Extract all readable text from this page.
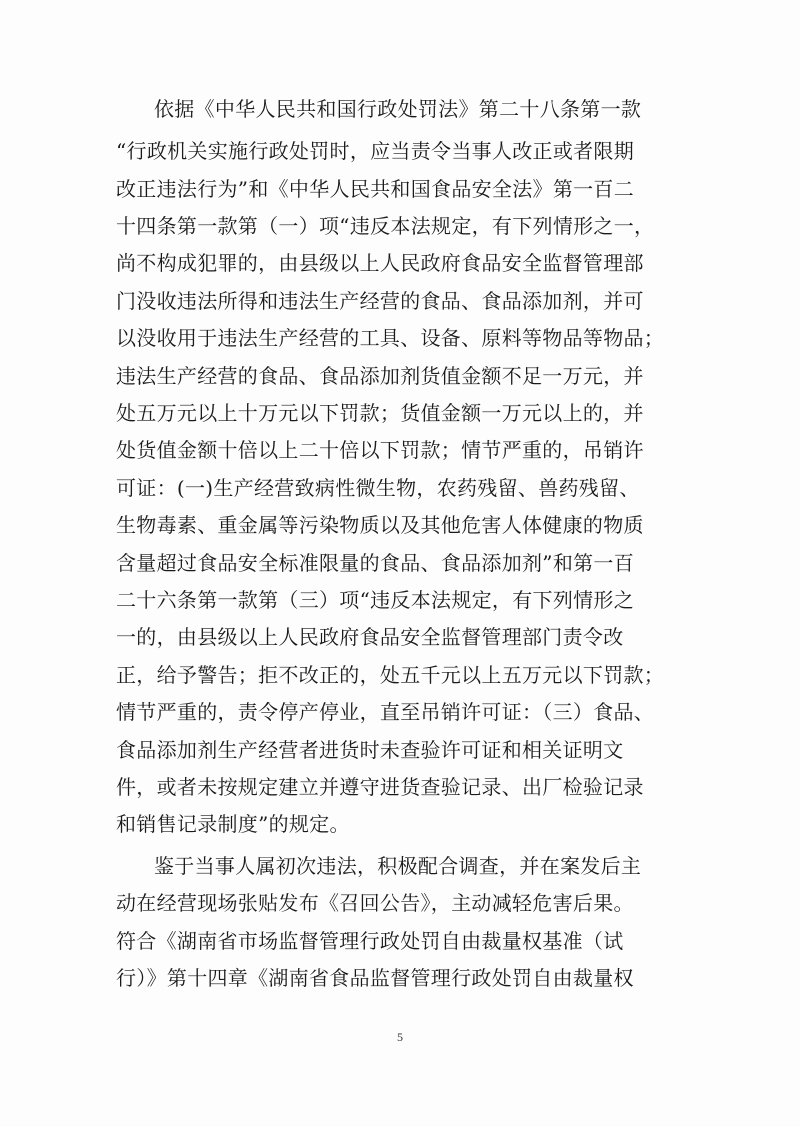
依据《中华人民共和国行政处罚法》第二十八条第一款
“行政机关实施行政处罚时，应当责令当事人改正或者限期
改正违法行为”和《中华人民共和国食品安全法》第一百二
十四条第一款第（一）项“违反本法规定，有下列情形之一，
尚不构成犯罪的，由县级以上人民政府食品安全监督管理部
门没收违法所得和违法生产经营的食品、食品添加剂，并可
以没收用于违法生产经营的工具、设备、原料等物品等物品；
违法生产经营的食品、食品添加剂货值金额不足一万元，并
处五万元以上十万元以下罚款；货值金额一万元以上的，并
处货值金额十倍以上二十倍以下罚款；情节严重的，吊销许
可证：(一)生产经营致病性微生物，农药残留、兽药残留、
生物毒素、重金属等污染物质以及其他危害人体健康的物质
含量超过食品安全标准限量的食品、食品添加剂”和第一百
二十六条第一款第（三）项“违反本法规定，有下列情形之
一的，由县级以上人民政府食品安全监督管理部门责令改
正，给予警告；拒不改正的，处五千元以上五万元以下罚款；
情节严重的，责令停产停业，直至吊销许可证：（三）食品、
食品添加剂生产经营者进货时未查验许可证和相关证明文
件，或者未按规定建立并遵守进货查验记录、出厂检验记录
和销售记录制度”的规定。
鉴于当事人属初次违法，积极配合调查，并在案发后主
动在经营现场张贴发布《召回公告》，主动减轻危害后果。
符合《湖南省市场监督管理行政处罚自由裁量权基准（试
行）》第十四章《湖南省食品监督管理行政处罚自由裁量权
5
